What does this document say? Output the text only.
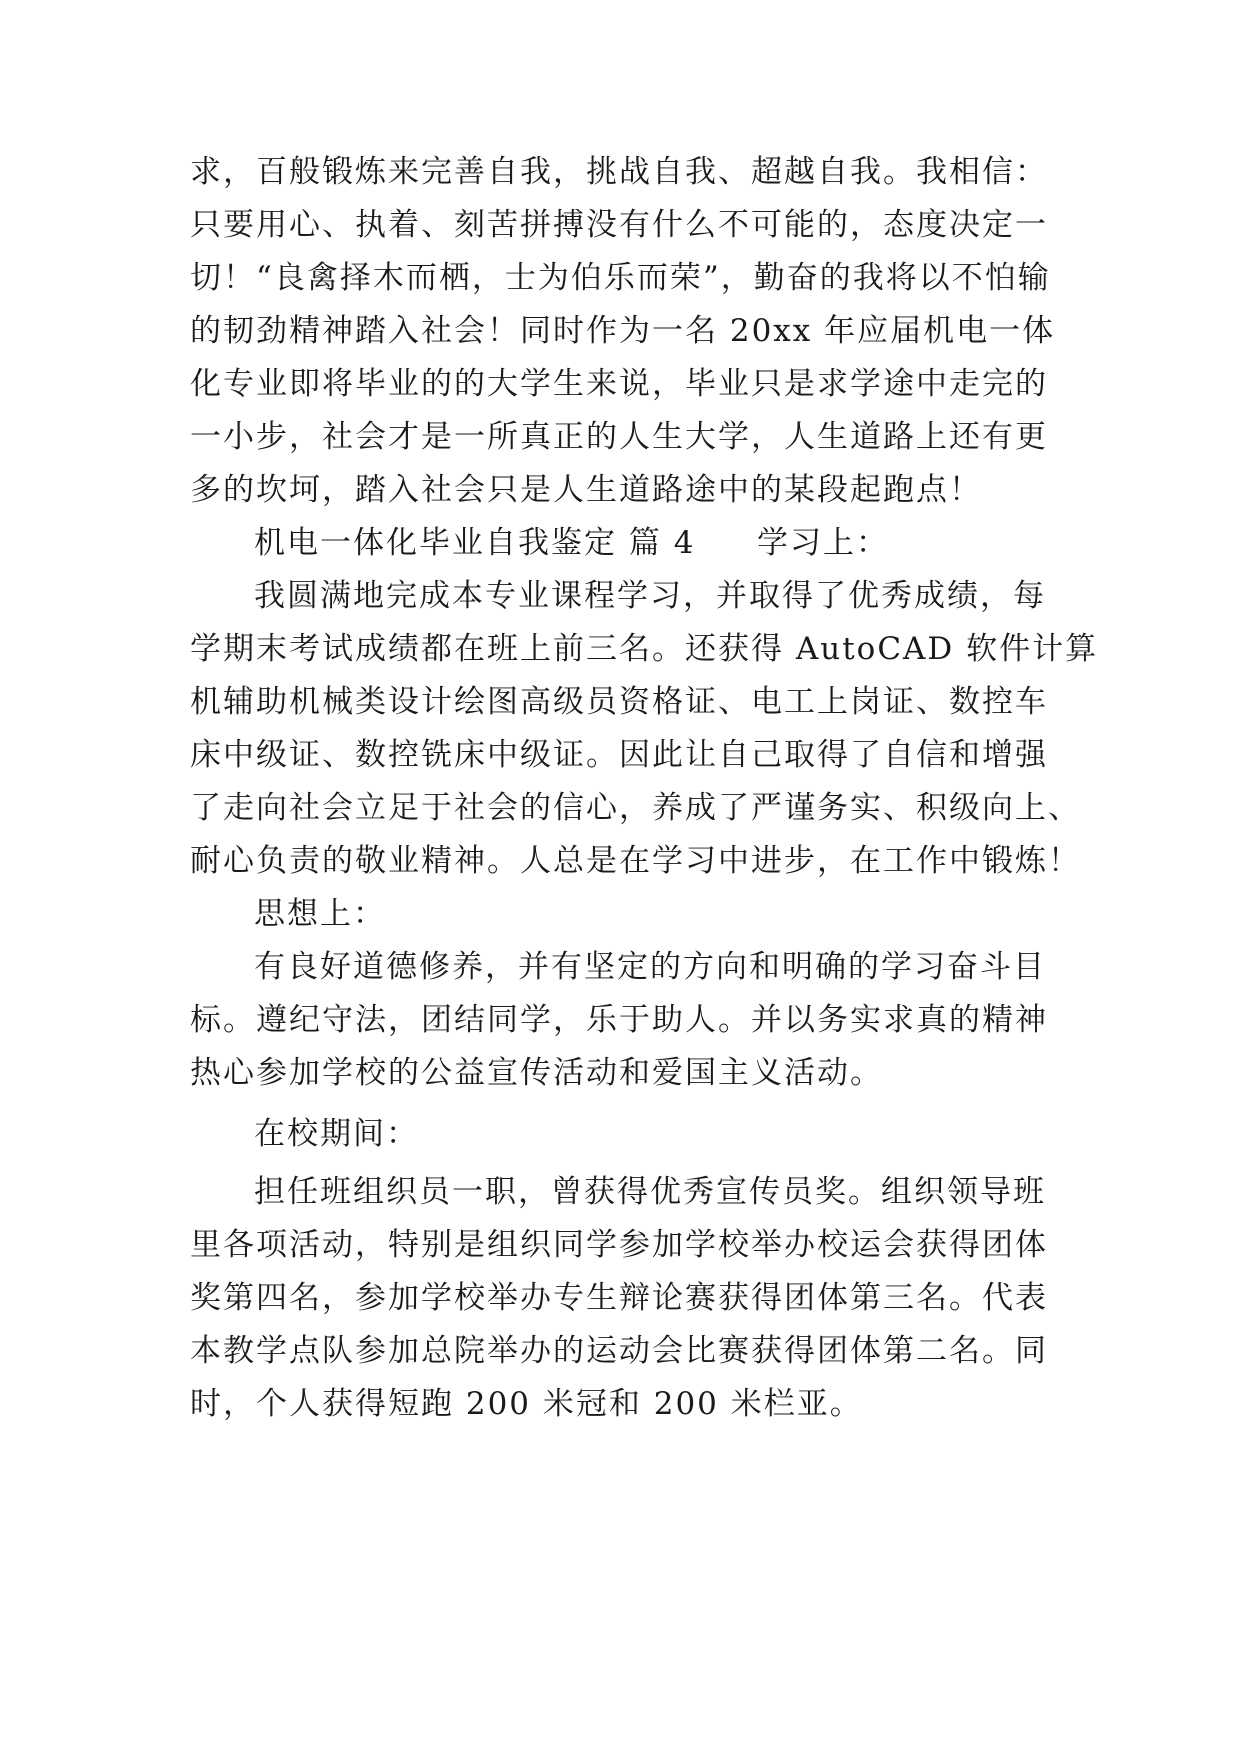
求，百般锻炼来完善自我，挑战自我、超越自我。我相信：
只要用心、执着、刻苦拼搏没有什么不可能的，态度决定一
切！“良禽择木而栖，士为伯乐而荣”，勤奋的我将以不怕输
的韧劲精神踏入社会！同时作为一名 20xx 年应届机电一体
化专业即将毕业的的大学生来说，毕业只是求学途中走完的
一小步，社会才是一所真正的人生大学，人生道路上还有更
多的坎坷，踏入社会只是人生道路途中的某段起跑点！
机电一体化毕业自我鉴定 篇 4 学习上：
我圆满地完成本专业课程学习，并取得了优秀成绩，每
学期末考试成绩都在班上前三名。还获得 AutoCAD 软件计算
机辅助机械类设计绘图高级员资格证、电工上岗证、数控车
床中级证、数控铣床中级证。因此让自己取得了自信和增强
了走向社会立足于社会的信心，养成了严谨务实、积级向上、
耐心负责的敬业精神。人总是在学习中进步，在工作中锻炼！
思想上：
有良好道德修养，并有坚定的方向和明确的学习奋斗目
标。遵纪守法，团结同学，乐于助人。并以务实求真的精神
热心参加学校的公益宣传活动和爱国主义活动。
在校期间：
担任班组织员一职，曾获得优秀宣传员奖。组织领导班
里各项活动，特别是组织同学参加学校举办校运会获得团体
奖第四名，参加学校举办专生辩论赛获得团体第三名。代表
本教学点队参加总院举办的运动会比赛获得团体第二名。同
时，个人获得短跑 200 米冠和 200 米栏亚。
